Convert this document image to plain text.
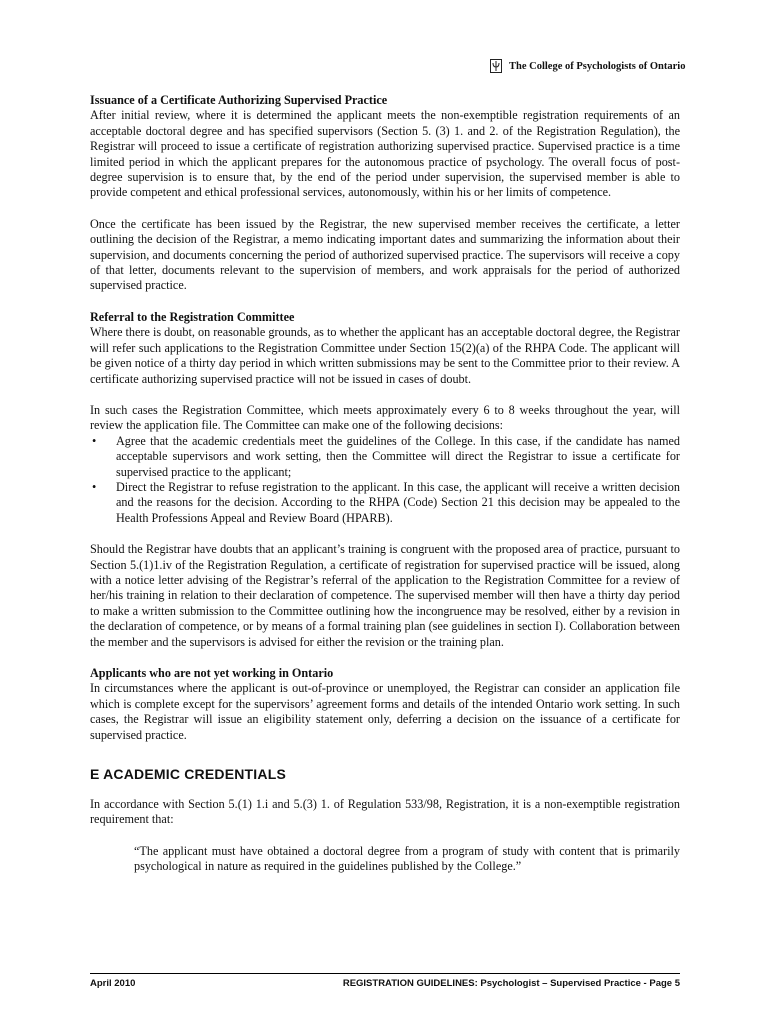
The College of Psychologists of Ontario
Issuance of a Certificate Authorizing Supervised Practice

After initial review, where it is determined the applicant meets the non-exemptible registration requirements of an acceptable doctoral degree and has specified supervisors (Section 5. (3) 1. and 2. of the Registration Regulation), the Registrar will proceed to issue a certificate of registration authorizing supervised practice. Supervised practice is a time limited period in which the applicant prepares for the autonomous practice of psychology. The overall focus of post-degree supervision is to ensure that, by the end of the period under supervision, the supervised member is able to provide competent and ethical professional services, autonomously, within his or her limits of competence.

Once the certificate has been issued by the Registrar, the new supervised member receives the certificate, a letter outlining the decision of the Registrar, a memo indicating important dates and summarizing the information about their supervision, and documents concerning the period of authorized supervised practice. The supervisors will receive a copy of that letter, documents relevant to the supervision of members, and work appraisals for the period of authorized supervised practice.

Referral to the Registration Committee

Where there is doubt, on reasonable grounds, as to whether the applicant has an acceptable doctoral degree, the Registrar will refer such applications to the Registration Committee under Section 15(2)(a) of the RHPA Code. The applicant will be given notice of a thirty day period in which written submissions may be sent to the Committee prior to their review. A certificate authorizing supervised practice will not be issued in cases of doubt.

In such cases the Registration Committee, which meets approximately every 6 to 8 weeks throughout the year, will review the application file. The Committee can make one of the following decisions:

• Agree that the academic credentials meet the guidelines of the College. In this case, if the candidate has named acceptable supervisors and work setting, then the Committee will direct the Registrar to issue a certificate for supervised practice to the applicant;
• Direct the Registrar to refuse registration to the applicant. In this case, the applicant will receive a written decision and the reasons for the decision. According to the RHPA (Code) Section 21 this decision may be appealed to the Health Professions Appeal and Review Board (HPARB).

Should the Registrar have doubts that an applicant’s training is congruent with the proposed area of practice, pursuant to Section 5.(1)1.iv of the Registration Regulation, a certificate of registration for supervised practice will be issued, along with a notice letter advising of the Registrar’s referral of the application to the Registration Committee for a review of her/his training in relation to their declaration of competence. The supervised member will then have a thirty day period to make a written submission to the Committee outlining how the incongruence may be resolved, either by a revision in the declaration of competence, or by means of a formal training plan (see guidelines in section I). Collaboration between the member and the supervisors is advised for either the revision or the training plan.

Applicants who are not yet working in Ontario

In circumstances where the applicant is out-of-province or unemployed, the Registrar can consider an application file which is complete except for the supervisors’ agreement forms and details of the intended Ontario work setting. In such cases, the Registrar will issue an eligibility statement only, deferring a decision on the issuance of a certificate for supervised practice.

E ACADEMIC CREDENTIALS

In accordance with Section 5.(1) 1.i and 5.(3) 1. of Regulation 533/98, Registration, it is a non-exemptible registration requirement that:

“The applicant must have obtained a doctoral degree from a program of study with content that is primarily psychological in nature as required in the guidelines published by the College.”

April 2010	REGISTRATION GUIDELINES: Psychologist – Supervised Practice - Page 5
